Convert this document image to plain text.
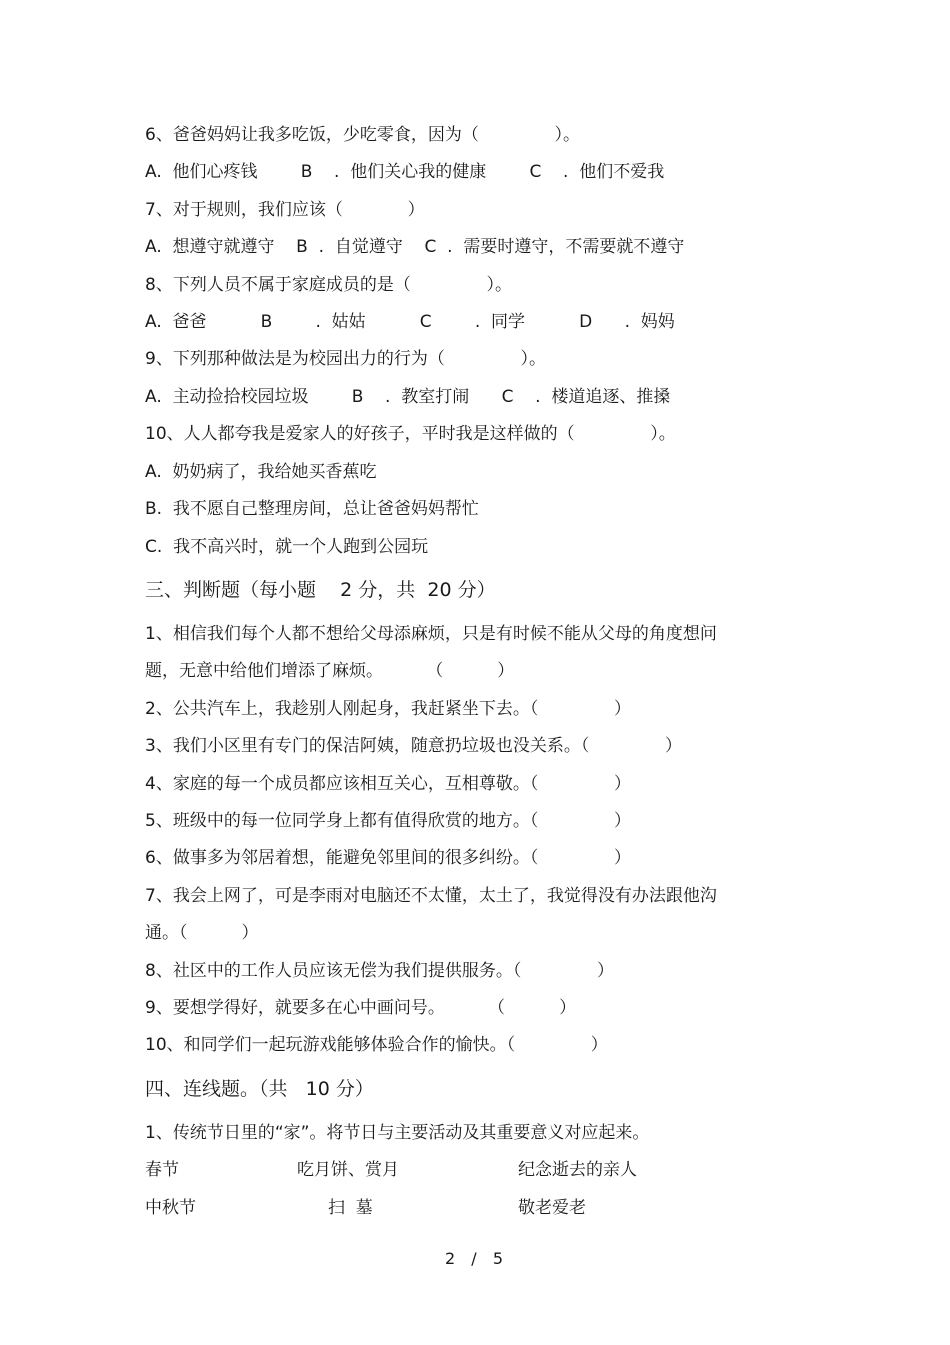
6、爸爸妈妈让我多吃饭，少吃零食，因为（              ）。
A.  他们心疼钱        B    .  他们关心我的健康        C    .  他们不爱我
7、对于规则，我们应该（            ）
A.  想遵守就遵守    B  .  自觉遵守    C  .  需要时遵守，不需要就不遵守
8、下列人员不属于家庭成员的是（              ）。
A.  爸爸          B        .  姑姑          C        .  同学          D      .  妈妈
9、下列那种做法是为校园出力的行为（              ）。
A.  主动捡拾校园垃圾        B    .  教室打闹      C    .  楼道追逐、推搡
10、人人都夸我是爱家人的好孩子，平时我是这样做的（              ）。
A.  奶奶病了，我给她买香蕉吃
B.  我不愿自己整理房间，总让爸爸妈妈帮忙
C.  我不高兴时，就一个人跑到公园玩
三、判断题（每小题    2 分，共  20 分）
1、相信我们每个人都不想给父母添麻烦，只是有时候不能从父母的角度想问
题，无意中给他们增添了麻烦。        （          ）
2、公共汽车上，我趁别人刚起身，我赶紧坐下去。（              ）
3、我们小区里有专门的保洁阿姨，随意扔垃圾也没关系。（              ）
4、家庭的每一个成员都应该相互关心，互相尊敬。（              ）
5、班级中的每一位同学身上都有值得欣赏的地方。（              ）
6、做事多为邻居着想，能避免邻里间的很多纠纷。（              ）
7、我会上网了，可是李雨对电脑还不太懂，太土了，我觉得没有办法跟他沟
通。（          ）
8、社区中的工作人员应该无偿为我们提供服务。（              ）
9、要想学得好，就要多在心中画问号。        （          ）
10、和同学们一起玩游戏能够体验合作的愉快。（              ）
四、连线题。（共   10 分）
1、传统节日里的“家”。将节日与主要活动及其重要意义对应起来。
春节	吃月饼、赏月	纪念逝去的亲人
中秋节	扫  墓	敬老爱老
2  /  5
